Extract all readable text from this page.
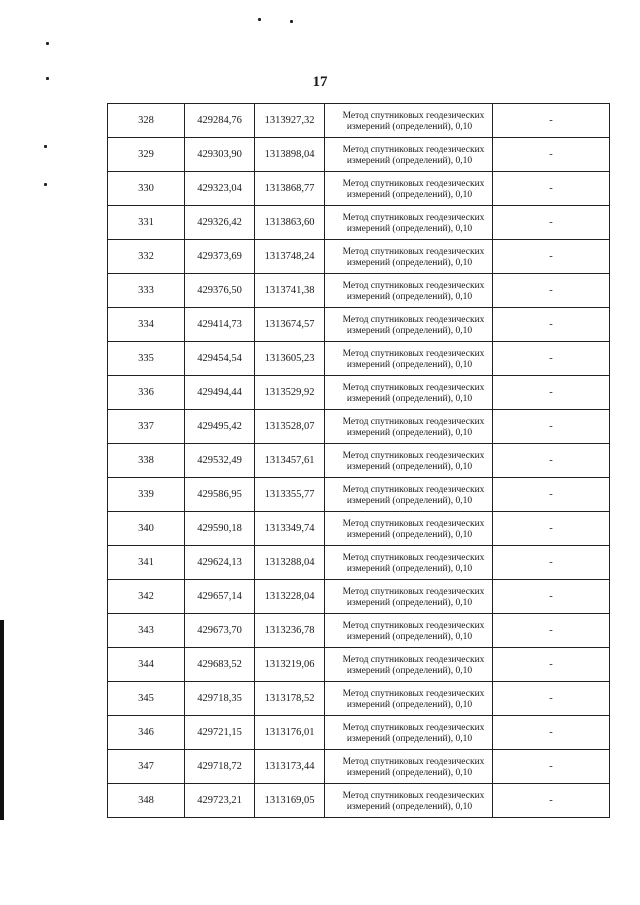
17
328	429284,76	1313927,32	Метод спутниковых геодезических
измерений (определений), 0,10	-
329	429303,90	1313898,04	Метод спутниковых геодезических
измерений (определений), 0,10	-
330	429323,04	1313868,77	Метод спутниковых геодезических
измерений (определений), 0,10	-
331	429326,42	1313863,60	Метод спутниковых геодезических
измерений (определений), 0,10	-
332	429373,69	1313748,24	Метод спутниковых геодезических
измерений (определений), 0,10	-
333	429376,50	1313741,38	Метод спутниковых геодезических
измерений (определений), 0,10	-
334	429414,73	1313674,57	Метод спутниковых геодезических
измерений (определений), 0,10	-
335	429454,54	1313605,23	Метод спутниковых геодезических
измерений (определений), 0,10	-
336	429494,44	1313529,92	Метод спутниковых геодезических
измерений (определений), 0,10	-
337	429495,42	1313528,07	Метод спутниковых геодезических
измерений (определений), 0,10	-
338	429532,49	1313457,61	Метод спутниковых геодезических
измерений (определений), 0,10	-
339	429586,95	1313355,77	Метод спутниковых геодезических
измерений (определений), 0,10	-
340	429590,18	1313349,74	Метод спутниковых геодезических
измерений (определений), 0,10	-
341	429624,13	1313288,04	Метод спутниковых геодезических
измерений (определений), 0,10	-
342	429657,14	1313228,04	Метод спутниковых геодезических
измерений (определений), 0,10	-
343	429673,70	1313236,78	Метод спутниковых геодезических
измерений (определений), 0,10	-
344	429683,52	1313219,06	Метод спутниковых геодезических
измерений (определений), 0,10	-
345	429718,35	1313178,52	Метод спутниковых геодезических
измерений (определений), 0,10	-
346	429721,15	1313176,01	Метод спутниковых геодезических
измерений (определений), 0,10	-
347	429718,72	1313173,44	Метод спутниковых геодезических
измерений (определений), 0,10	-
348	429723,21	1313169,05	Метод спутниковых геодезических
измерений (определений), 0,10	-
